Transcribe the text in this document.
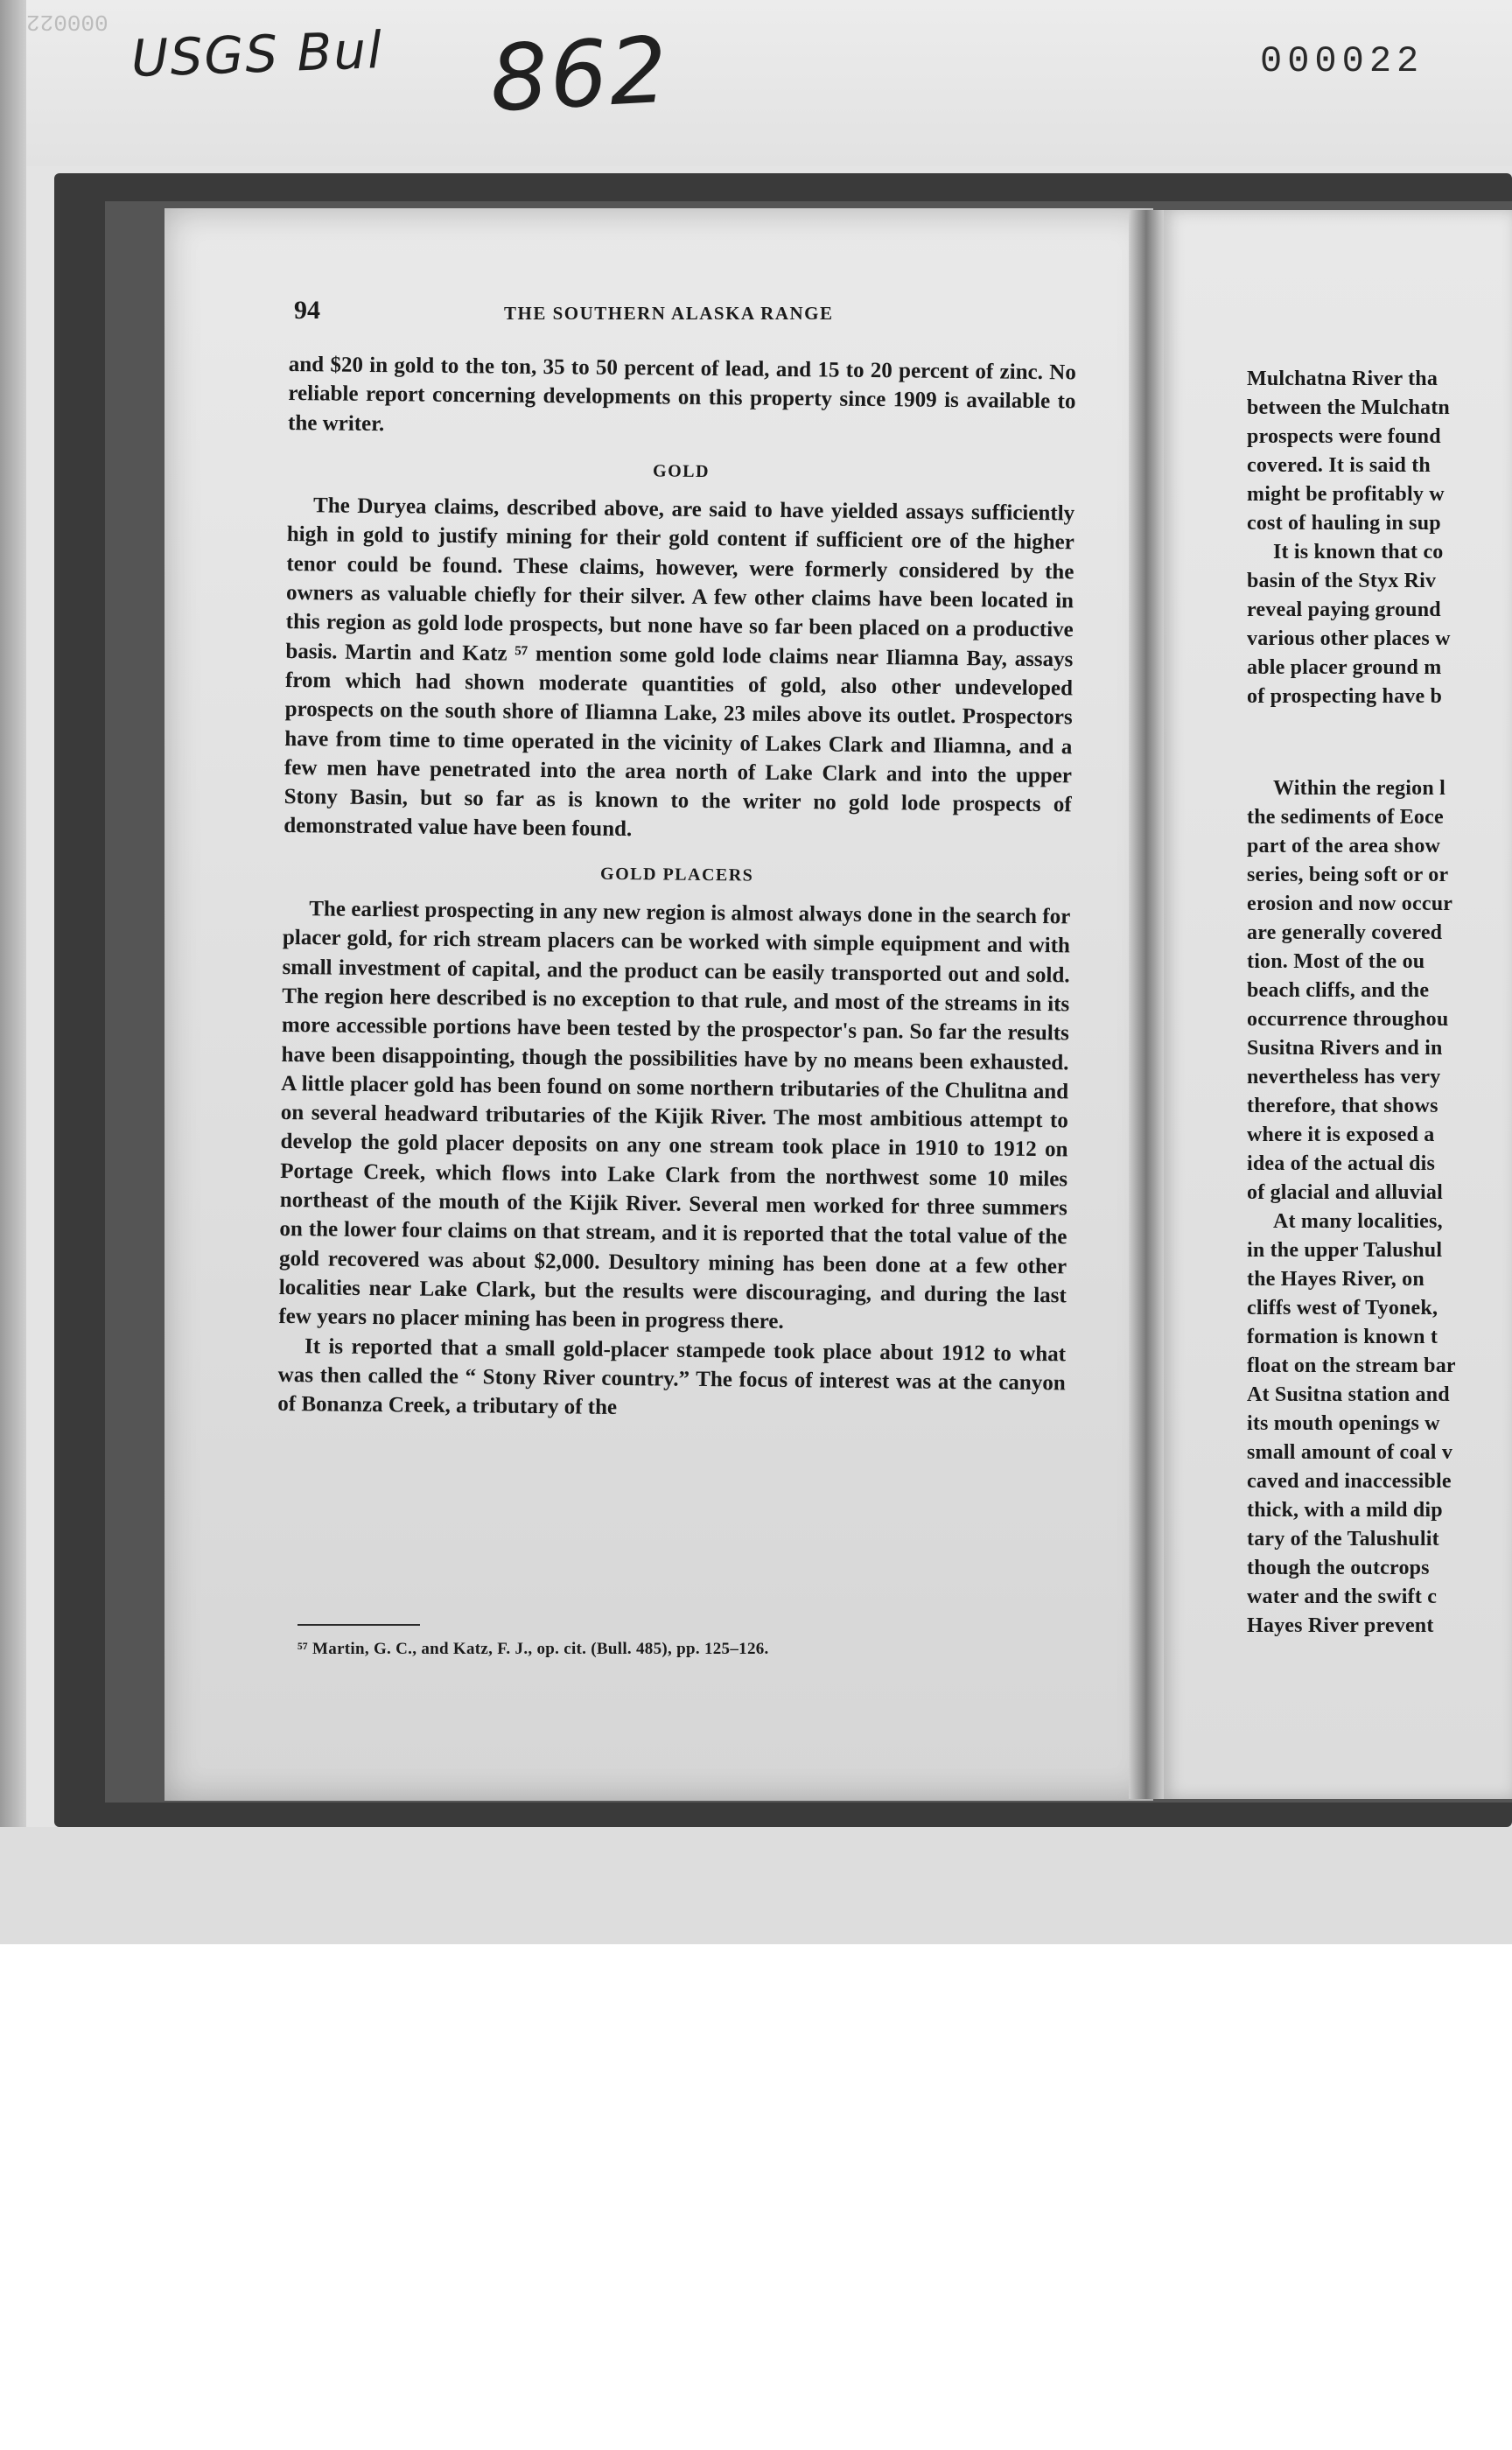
000022 USGS Bul 862	000022
94	THE SOUTHERN ALASKA RANGE

and $20 in gold to the ton, 35 to 50 percent of lead, and 15 to 20 percent of zinc. No reliable report concerning developments on this property since 1909 is available to the writer.

GOLD

The Duryea claims, described above, are said to have yielded assays sufficiently high in gold to justify mining for their gold content if sufficient ore of the higher tenor could be found. These claims, however, were formerly considered by the owners as valuable chiefly for their silver. A few other claims have been located in this region as gold lode prospects, but none have so far been placed on a productive basis. Martin and Katz ⁵⁷ mention some gold lode claims near Iliamna Bay, assays from which had shown moderate quantities of gold, also other undeveloped prospects on the south shore of Iliamna Lake, 23 miles above its outlet. Prospectors have from time to time operated in the vicinity of Lakes Clark and Iliamna, and a few men have penetrated into the area north of Lake Clark and into the upper Stony Basin, but so far as is known to the writer no gold lode prospects of demonstrated value have been found.

GOLD PLACERS

The earliest prospecting in any new region is almost always done in the search for placer gold, for rich stream placers can be worked with simple equipment and with small investment of capital, and the product can be easily transported out and sold. The region here described is no exception to that rule, and most of the streams in its more accessible portions have been tested by the prospector's pan. So far the results have been disappointing, though the possibilities have by no means been exhausted. A little placer gold has been found on some northern tributaries of the Chulitna and on several headward tributaries of the Kijik River. The most ambitious attempt to develop the gold placer deposits on any one stream took place in 1910 to 1912 on Portage Creek, which flows into Lake Clark from the northwest some 10 miles northeast of the mouth of the Kijik River. Several men worked for three summers on the lower four claims on that stream, and it is reported that the total value of the gold recovered was about $2,000. Desultory mining has been done at a few other localities near Lake Clark, but the results were discouraging, and during the last few years no placer mining has been in progress there.

It is reported that a small gold-placer stampede took place about 1912 to what was then called the “ Stony River country.” The focus of interest was at the canyon of Bonanza Creek, a tributary of the

⁵⁷ Martin, G. C., and Katz, F. J., op. cit. (Bull. 485), pp. 125–126.
Mulchatna River tha
between the Mulchatn
prospects were found
covered. It is said th
might be profitably w
cost of hauling in sup
It is known that co
basin of the Styx Riv
reveal paying ground
various other places w
able placer ground m
of prospecting have b
Within the region l
the sediments of Eoce
part of the area show
series, being soft or or
erosion and now occur
are generally covered
tion. Most of the ou
beach cliffs, and the
occurrence throughou
Susitna Rivers and in
nevertheless has very
therefore, that shows
where it is exposed a
idea of the actual dis
of glacial and alluvial
At many localities,
in the upper Talushul
the Hayes River, on
cliffs west of Tyonek,
formation is known t
float on the stream bar
At Susitna station and
its mouth openings w
small amount of coal v
caved and inaccessible
thick, with a mild dip
tary of the Talushulit
though the outcrops
water and the swift c
Hayes River prevent
